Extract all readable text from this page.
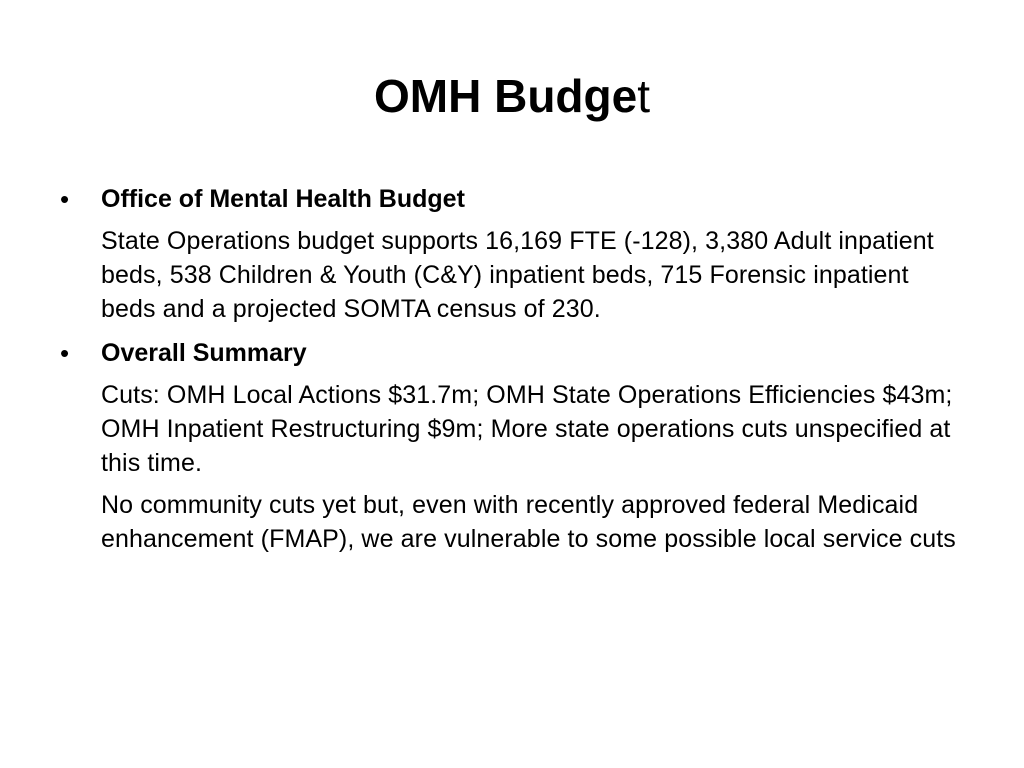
OMH Budget
• Office of Mental Health Budget
State Operations budget supports 16,169 FTE (-128), 3,380 Adult inpatient beds, 538 Children & Youth (C&Y) inpatient beds, 715 Forensic inpatient beds and a projected SOMTA census of 230.
• Overall Summary
Cuts: OMH Local Actions $31.7m; OMH State Operations Efficiencies $43m; OMH Inpatient Restructuring $9m; More state operations cuts unspecified at this time.
No community cuts yet but, even with recently approved federal Medicaid enhancement (FMAP), we are vulnerable to some possible local service cuts
